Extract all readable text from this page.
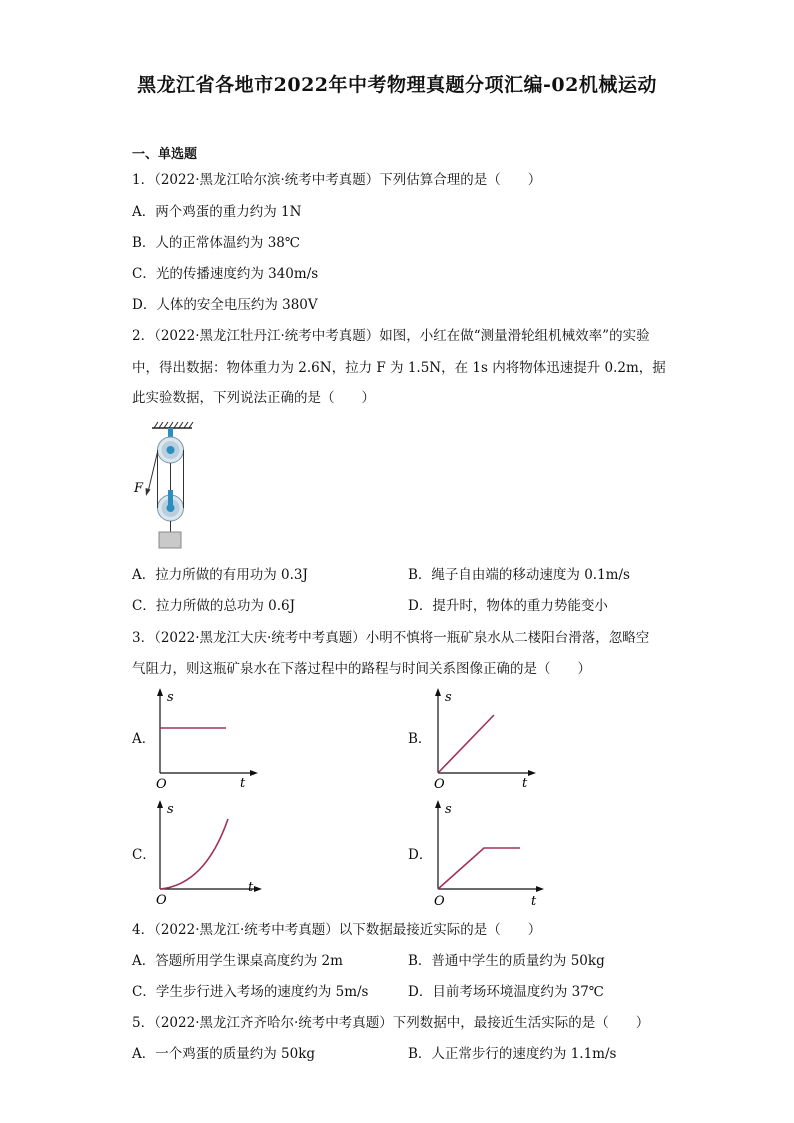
黑龙江省各地市2022年中考物理真题分项汇编-02机械运动
一、单选题
1．（2022·黑龙江哈尔滨·统考中考真题）下列估算合理的是（　　）
A．两个鸡蛋的重力约为 1N
B．人的正常体温约为 38℃
C．光的传播速度约为 340m/s
D．人体的安全电压约为 380V
2．（2022·黑龙江牡丹江·统考中考真题）如图，小红在做“测量滑轮组机械效率”的实验
中，得出数据：物体重力为 2.6N，拉力 F 为 1.5N，在 1s 内将物体迅速提升 0.2m，据
此实验数据，下列说法正确的是（　　）
F
A．拉力所做的有用功为 0.3J	B．绳子自由端的移动速度为 0.1m/s
C．拉力所做的总功为 0.6J	D．提升时，物体的重力势能变小
3．（2022·黑龙江大庆·统考中考真题）小明不慎将一瓶矿泉水从二楼阳台滑落，忽略空
气阻力，则这瓶矿泉水在下落过程中的路程与时间关系图像正确的是（　　）
A．
s
t
O
B．
s
t
O
C．
s
t
O
D．
s
t
O
4．（2022·黑龙江·统考中考真题）以下数据最接近实际的是（　　）
A．答题所用学生课桌高度约为 2m	B．普通中学生的质量约为 50kg
C．学生步行进入考场的速度约为 5m/s	D．目前考场环境温度约为 37℃
5．（2022·黑龙江齐齐哈尔·统考中考真题）下列数据中，最接近生活实际的是（　　）
A．一个鸡蛋的质量约为 50kg	B．人正常步行的速度约为 1.1m/s
